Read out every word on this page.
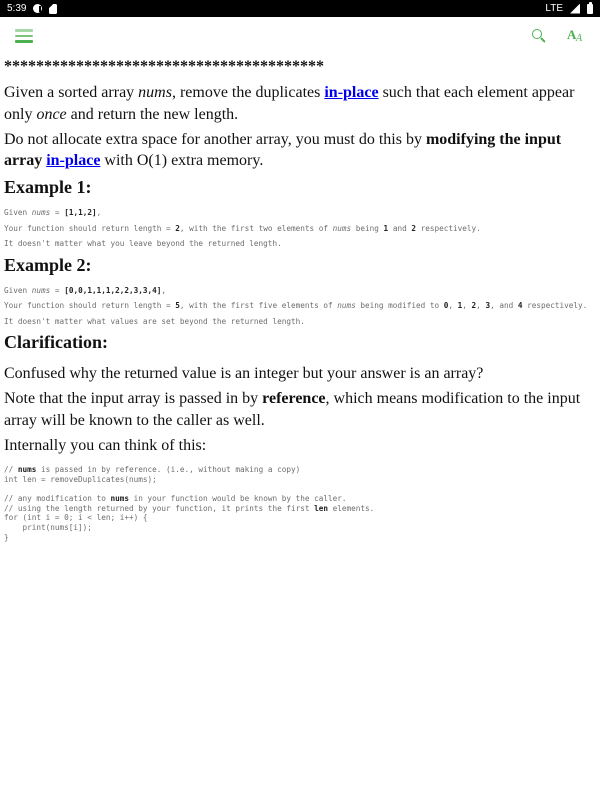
5:39	LTE
A A
****************************************

Given a sorted array nums, remove the duplicates in-place such that each element appear only once and return the new length.

Do not allocate extra space for another array, you must do this by modifying the input array in-place with O(1) extra memory.

Example 1:
Given nums = [1,1,2],
Your function should return length = 2, with the first two elements of nums being 1 and 2 respectively.
It doesn't matter what you leave beyond the returned length.
Example 2:
Given nums = [0,0,1,1,1,2,2,3,3,4],
Your function should return length = 5, with the first five elements of nums being modified to 0, 1, 2, 3, and 4 respectively.
It doesn't matter what values are set beyond the returned length.
Clarification:

Confused why the returned value is an integer but your answer is an array?

Note that the input array is passed in by reference, which means modification to the input array will be known to the caller as well.

Internally you can think of this:

// nums is passed in by reference. (i.e., without making a copy)
int len = removeDuplicates(nums);
// any modification to nums in your function would be known by the caller.
// using the length returned by your function, it prints the first len elements.
for (int i = 0; i < len; i++) {
print(nums[i]);
}
